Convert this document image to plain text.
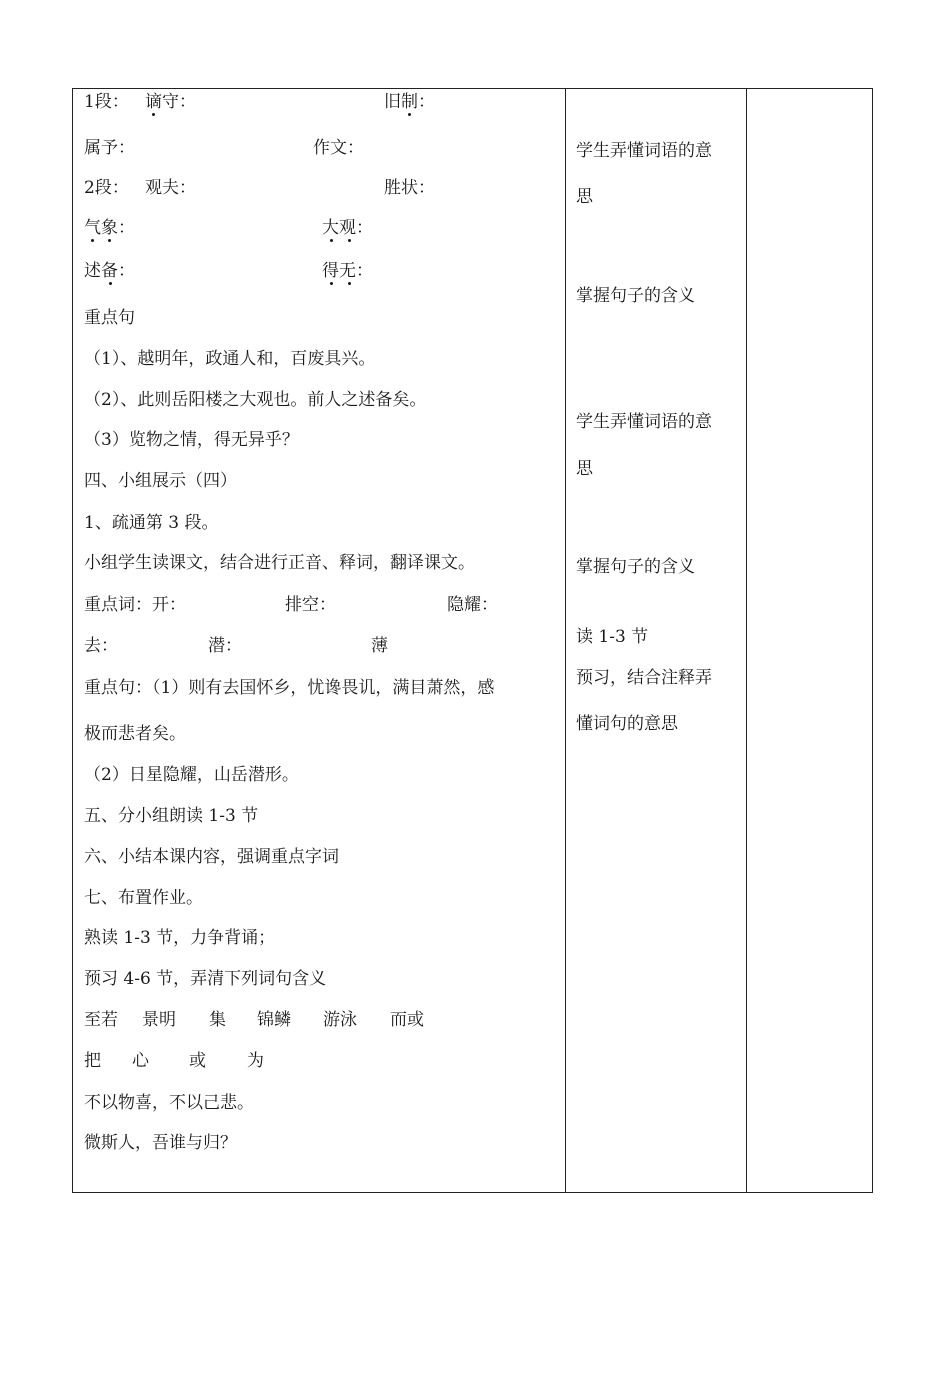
1段： 谪守：	旧制：
属予：	作文：
2段： 观夫：	胜状：
气象：	大观：
述备：	得无：
重点句
（1）、越明年，政通人和，百废具兴。
（2）、此则岳阳楼之大观也。前人之述备矣。
（3）览物之情，得无异乎？
四、小组展示（四）
1、疏通第 3 段。
小组学生读课文，结合进行正音、释词，翻译课文。
重点词：开：	排空：	隐耀：
去：	潜：	薄
重点句：（1）则有去国怀乡，忧谗畏讥，满目萧然，感
极而悲者矣。
（2）日星隐耀，山岳潜形。
五、分小组朗读 1-3 节
六、小结本课内容，强调重点字词
七、布置作业。
熟读 1-3 节，力争背诵；
预习 4-6 节，弄清下列词句含义
至若 景明 集 锦鳞 游泳 而或
把 心 或 为
不以物喜，不以己悲。
微斯人，吾谁与归？

学生弄懂词语的意
思
掌握句子的含义
学生弄懂词语的意
思
掌握句子的含义
读 1-3 节
预习，结合注释弄
懂词句的意思
